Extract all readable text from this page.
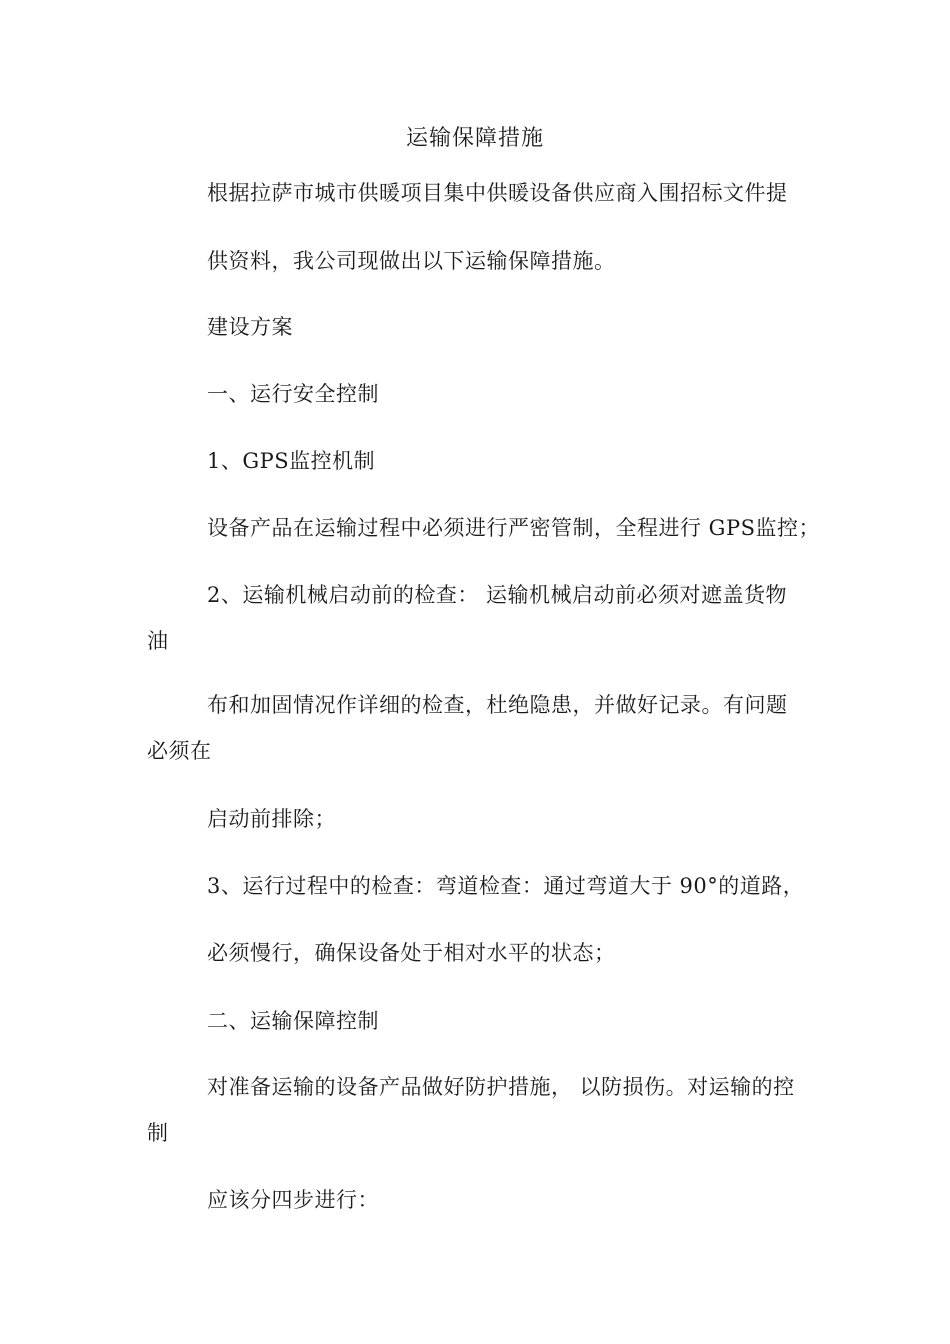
运输保障措施
根据拉萨市城市供暖项目集中供暖设备供应商入围招标文件提
供资料，我公司现做出以下运输保障措施。
建设方案
一、运行安全控制
1、GPS监控机制
设备产品在运输过程中必须进行严密管制，全程进行 GPS监控；
2、运输机械启动前的检查： 运输机械启动前必须对遮盖货物
油
布和加固情况作详细的检查，杜绝隐患，并做好记录。有问题
必须在
启动前排除；
3、运行过程中的检查：弯道检查：通过弯道大于 90°的道路，
必须慢行，确保设备处于相对水平的状态；
二、运输保障控制
对准备运输的设备产品做好防护措施， 以防损伤。对运输的控
制
应该分四步进行：
